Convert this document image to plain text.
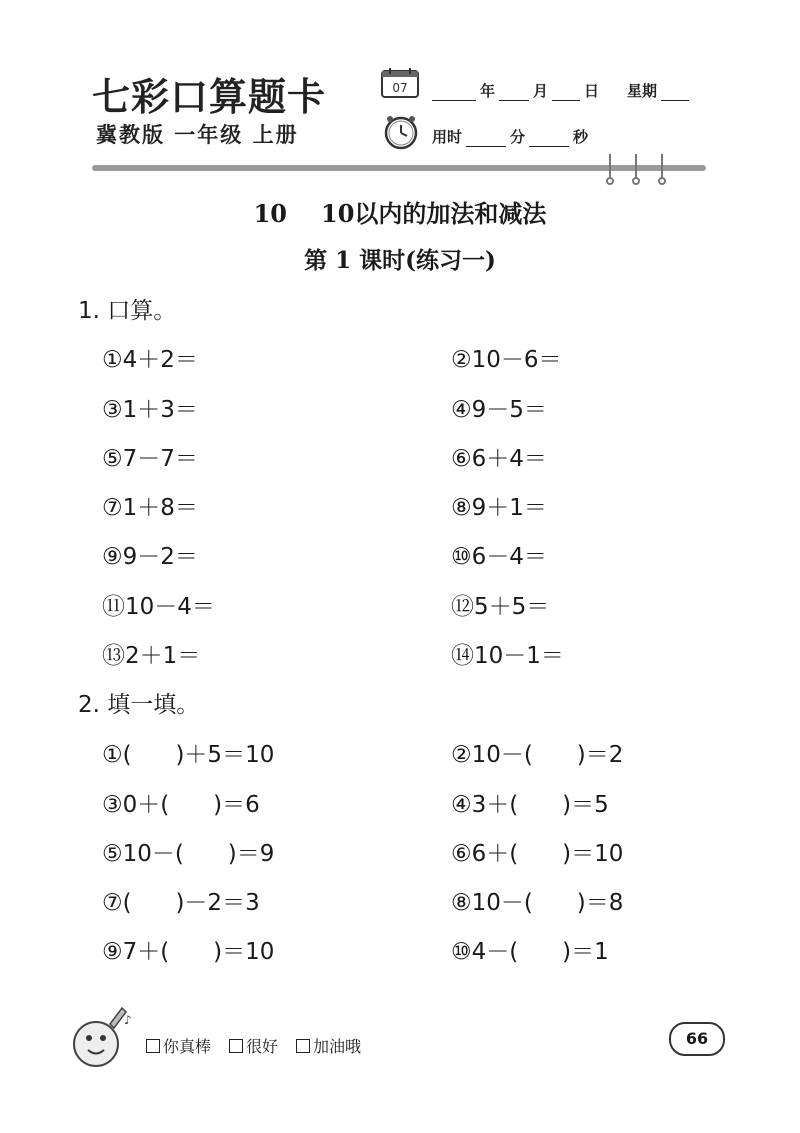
七彩口算题卡
冀教版 一年级 上册
07	年	月 日 星期
用时	分	秒
10 10以内的加法和减法
第 1 课时(练习一)
1. 口算。
①4＋2＝	②10－6＝
③1＋3＝	④9－5＝
⑤7－7＝	⑥6＋4＝
⑦1＋8＝	⑧9＋1＝
⑨9－2＝	⑩6－4＝
⑪10－4＝	⑫5＋5＝
⑬2＋1＝	⑭10－1＝
2. 填一填。
①(      )＋5＝10	②10－(      )＝2
③0＋(      )＝6	④3＋(      )＝5
⑤10－(      )＝9	⑥6＋(      )＝10
⑦(      )－2＝3	⑧10－(      )＝8
⑨7＋(      )＝10	⑩4－(      )＝1
♪
你真棒	很好	加油哦	66
